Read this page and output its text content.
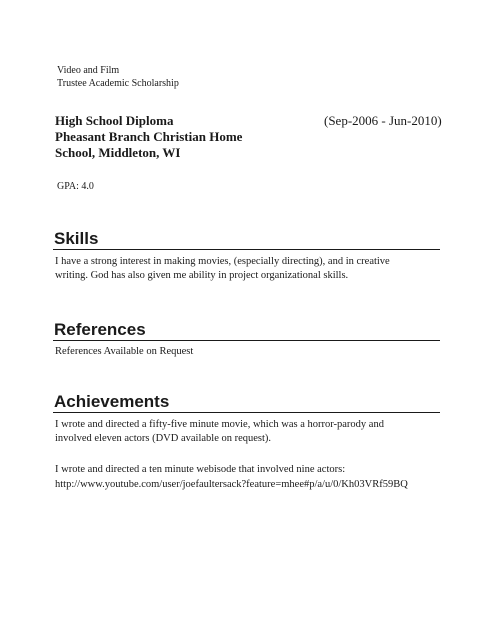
Video and Film
Trustee Academic Scholarship
High School Diploma	(Sep-2006 - Jun-2010)
Pheasant Branch Christian Home
School, Middleton, WI
GPA: 4.0
Skills
I have a strong interest in making movies, (especially directing), and in creative
writing. God has also given me ability in project organizational skills.
References
References Available on Request
Achievements
I wrote and directed a fifty-five minute movie, which was a horror-parody and
involved eleven actors (DVD available on request).
I wrote and directed a ten minute webisode that involved nine actors:
http://www.youtube.com/user/joefaultersack?feature=mhee#p/a/u/0/Kh03VRf59BQ
